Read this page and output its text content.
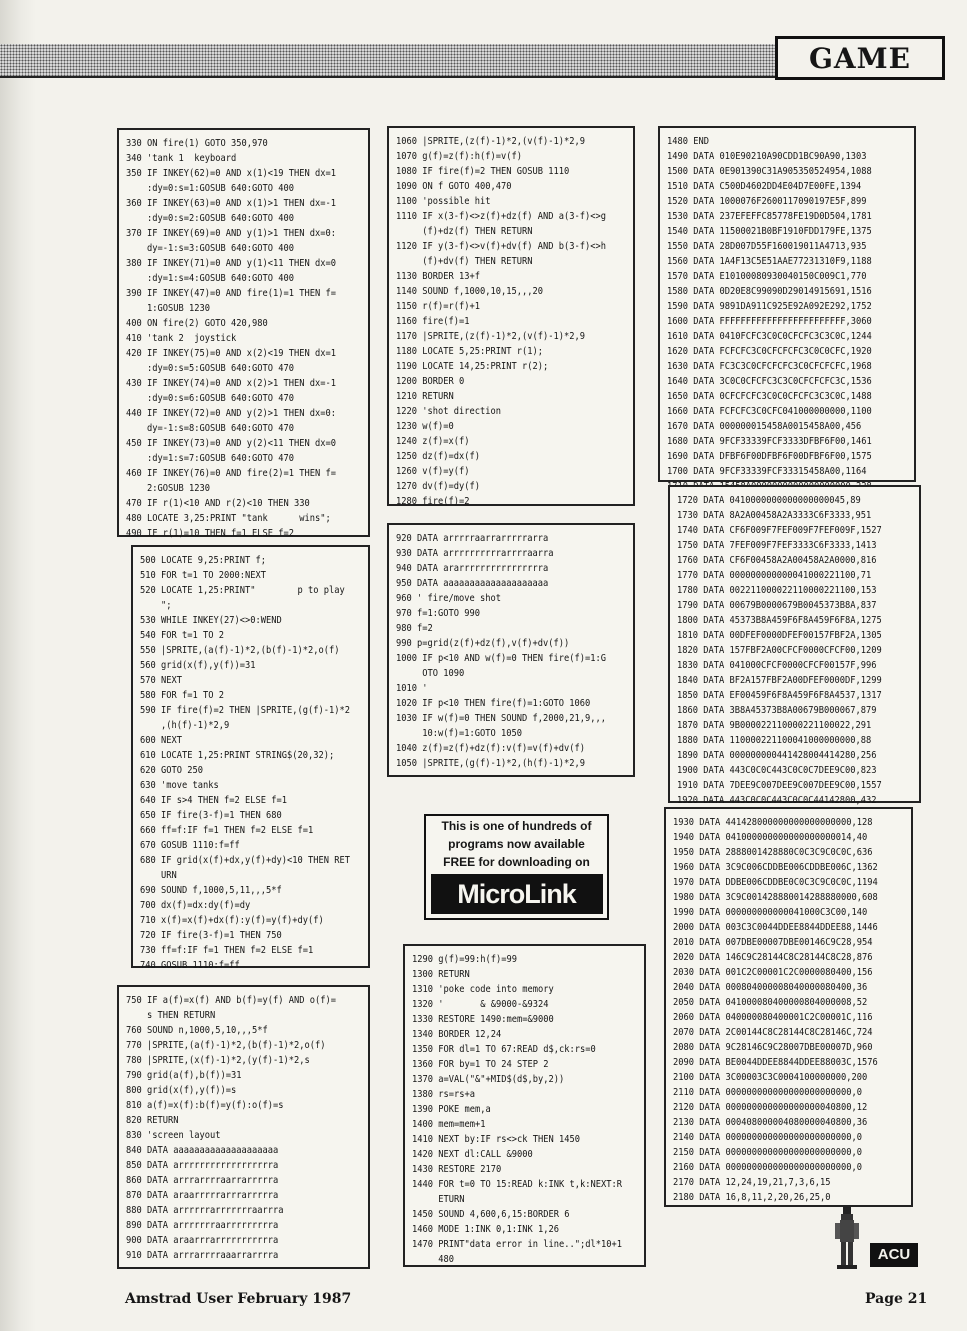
GAME
330 ON fire(1) GOTO 350,970
340 'tank 1  keyboard
350 IF INKEY(62)=0 AND x(1)<19 THEN dx=1
:dy=0:s=1:GOSUB 640:GOTO 400
360 IF INKEY(63)=0 AND x(1)>1 THEN dx=-1
:dy=0:s=2:GOSUB 640:GOTO 400
370 IF INKEY(69)=0 AND y(1)>1 THEN dx=0:
dy=-1:s=3:GOSUB 640:GOTO 400
380 IF INKEY(71)=0 AND y(1)<11 THEN dx=0
:dy=1:s=4:GOSUB 640:GOTO 400
390 IF INKEY(47)=0 AND fire(1)=1 THEN f=
1:GOSUB 1230
400 ON fire(2) GOTO 420,980
410 'tank 2  joystick
420 IF INKEY(75)=0 AND x(2)<19 THEN dx=1
:dy=0:s=5:GOSUB 640:GOTO 470
430 IF INKEY(74)=0 AND x(2)>1 THEN dx=-1
:dy=0:s=6:GOSUB 640:GOTO 470
440 IF INKEY(72)=0 AND y(2)>1 THEN dx=0:
dy=-1:s=8:GOSUB 640:GOTO 470
450 IF INKEY(73)=0 AND y(2)<11 THEN dx=0
:dy=1:s=7:GOSUB 640:GOTO 470
460 IF INKEY(76)=0 AND fire(2)=1 THEN f=
2:GOSUB 1230
470 IF r(1)<10 AND r(2)<10 THEN 330
480 LOCATE 3,25:PRINT "tank      wins";
490 IF r(1)=10 THEN f=1 ELSE f=2
500 LOCATE 9,25:PRINT f;
510 FOR t=1 TO 2000:NEXT
520 LOCATE 1,25:PRINT"        p to play
";
530 WHILE INKEY(27)<>0:WEND
540 FOR t=1 TO 2
550 |SPRITE,(a(f)-1)*2,(b(f)-1)*2,o(f)
560 grid(x(f),y(f))=31
570 NEXT
580 FOR f=1 TO 2
590 IF fire(f)=2 THEN |SPRITE,(g(f)-1)*2
,(h(f)-1)*2,9
600 NEXT
610 LOCATE 1,25:PRINT STRING$(20,32);
620 GOTO 250
630 'move tanks
640 IF s>4 THEN f=2 ELSE f=1
650 IF fire(3-f)=1 THEN 680
660 ff=f:IF f=1 THEN f=2 ELSE f=1
670 GOSUB 1110:f=ff
680 IF grid(x(f)+dx,y(f)+dy)<10 THEN RET
URN
690 SOUND f,1000,5,11,,,5*f
700 dx(f)=dx:dy(f)=dy
710 x(f)=x(f)+dx(f):y(f)=y(f)+dy(f)
720 IF fire(3-f)=1 THEN 750
730 ff=f:IF f=1 THEN f=2 ELSE f=1
740 GOSUB 1110:f=ff
750 IF a(f)=x(f) AND b(f)=y(f) AND o(f)=
s THEN RETURN
760 SOUND n,1000,5,10,,,5*f
770 |SPRITE,(a(f)-1)*2,(b(f)-1)*2,o(f)
780 |SPRITE,(x(f)-1)*2,(y(f)-1)*2,s
790 grid(a(f),b(f))=31
800 grid(x(f),y(f))=s
810 a(f)=x(f):b(f)=y(f):o(f)=s
820 RETURN
830 'screen layout
840 DATA aaaaaaaaaaaaaaaaaaaa
850 DATA arrrrrrrrrrrrrrrrrra
860 DATA arrrarrrraarrarrrrra
870 DATA araarrrrrarrrarrrrra
880 DATA arrrrrrarrrrrrraarrra
890 DATA arrrrrrraarrrrrrrrra
900 DATA araarrrarrrrrrrrrrra
910 DATA arrrarrrraaarrarrrra
1060 |SPRITE,(z(f)-1)*2,(v(f)-1)*2,9
1070 g(f)=z(f):h(f)=v(f)
1080 IF fire(f)=2 THEN GOSUB 1110
1090 ON f GOTO 400,470
1100 'possible hit
1110 IF x(3-f)<>z(f)+dz(f) AND a(3-f)<>g
(f)+dz(f) THEN RETURN
1120 IF y(3-f)<>v(f)+dv(f) AND b(3-f)<>h
(f)+dv(f) THEN RETURN
1130 BORDER 13+f
1140 SOUND f,1000,10,15,,,20
1150 r(f)=r(f)+1
1160 fire(f)=1
1170 |SPRITE,(z(f)-1)*2,(v(f)-1)*2,9
1180 LOCATE 5,25:PRINT r(1);
1190 LOCATE 14,25:PRINT r(2);
1200 BORDER 0
1210 RETURN
1220 'shot direction
1230 w(f)=0
1240 z(f)=x(f)
1250 dz(f)=dx(f)
1260 v(f)=y(f)
1270 dv(f)=dy(f)
1280 fire(f)=2
920 DATA arrrrraarrarrrrrarra
930 DATA arrrrrrrrrrarrrraarra
940 DATA ararrrrrrrrrrrrrrrra
950 DATA aaaaaaaaaaaaaaaaaaaa
960 ' fire/move shot
970 f=1:GOTO 990
980 f=2
990 p=grid(z(f)+dz(f),v(f)+dv(f))
1000 IF p<10 AND w(f)=0 THEN fire(f)=1:G
OTO 1090
1010 '
1020 IF p<10 THEN fire(f)=1:GOTO 1060
1030 IF w(f)=0 THEN SOUND f,2000,21,9,,,
10:w(f)=1:GOTO 1050
1040 z(f)=z(f)+dz(f):v(f)=v(f)+dv(f)
1050 |SPRITE,(g(f)-1)*2,(h(f)-1)*2,9
This is one of hundreds of
programs now available
FREE for downloading on
MicroLink
1290 g(f)=99:h(f)=99
1300 RETURN
1310 'poke code into memory
1320 '       & &9000-&9324
1330 RESTORE 1490:mem=&9000
1340 BORDER 12,24
1350 FOR dl=1 TO 67:READ d$,ck:rs=0
1360 FOR by=1 TO 24 STEP 2
1370 a=VAL("&"+MID$(d$,by,2))
1380 rs=rs+a
1390 POKE mem,a
1400 mem=mem+1
1410 NEXT by:IF rs<>ck THEN 1450
1420 NEXT dl:CALL &9000
1430 RESTORE 2170
1440 FOR t=0 TO 15:READ k:INK t,k:NEXT:R
ETURN
1450 SOUND 4,600,6,15:BORDER 6
1460 MODE 1:INK 0,1:INK 1,26
1470 PRINT"data error in line..";dl*10+1
480
1480 END
1490 DATA 010E90210A90CDD1BC90A90,1303
1500 DATA 0E901390C31A905350524954,1088
1510 DATA C500D4602DD4E04D7E00FE,1394
1520 DATA 1000076F2600117090197E5F,899
1530 DATA 237EFEFFC85778FE19D0D504,1781
1540 DATA 11500021B0BF1910FDD179FE,1375
1550 DATA 28D007D55F160019011A4713,935
1560 DATA 1A4F13C5E51AAE77231310F9,1188
1570 DATA E10100080930040150C009C1,770
1580 DATA 0D20E8C99090D29014915691,1516
1590 DATA 9891DA911C925E92A092E292,1752
1600 DATA FFFFFFFFFFFFFFFFFFFFFFFF,3060
1610 DATA 0410FCFC3C0C0CFCFC3C3C0C,1244
1620 DATA FCFCFC3C0CFCFCFC3C0C0CFC,1920
1630 DATA FC3C3C0CFCFCFC3C0CFCFCFC,1968
1640 DATA 3C0C0CFCFC3C3C0CFCFCFC3C,1536
1650 DATA 0CFCFCFC3C0C0CFCFC3C3C0C,1488
1660 DATA FCFCFC3C0CFC041000000000,1100
1670 DATA 000000015458A0015458A00,456
1680 DATA 9FCF33339FCF3333DFBF6F00,1461
1690 DATA DFBF6F00DFBF6F00DFBF6F00,1575
1700 DATA 9FCF33339FCF33315458A00,1164
1720 DATA 0410000000000000000045,89
1730 DATA 8A2A00458A2A3333C6F3333,951
1740 DATA CF6F009F7FEF009F7FEF009F,1527
1750 DATA 7FEF009F7FEF3333C6F3333,1413
1760 DATA CF6F00458A2A00458A2A0000,816
1770 DATA 000000000000041000221100,71
1780 DATA 002211000022110000221100,153
1790 DATA 00679B0000679B0045373B8A,837
1800 DATA 45373B8A459F6F8A459F6F8A,1275
1810 DATA 00DFEF0000DFEF00157FBF2A,1305
1820 DATA 157FBF2A00CFCF0000CFCF00,1209
1830 DATA 041000CFCF0000CFCF00157F,996
1840 DATA BF2A157FBF2A00DFEF0000DF,1299
1850 DATA EF00459F6F8A459F6F8A4537,1317
1860 DATA 3B8A45373B8A00679B000067,879
1870 DATA 9B000022110000221100022,291
1880 DATA 110000221100041000000000,88
1890 DATA 000000000441428004414280,256
1900 DATA 443C0C0C443C0C0C7DEE9C00,823
1910 DATA 7DEE9C007DEE9C007DEE9C00,1557
1920 DATA 443C0C0C443C0C0C44142800,432
1930 DATA 441428000000000000000000,128
1940 DATA 041000000000000000000014,40
1950 DATA 2888001428880C0C3C9C0C0C,636
1960 DATA 3C9C006CDDBE006CDDBE006C,1362
1970 DATA DDBE006CDDBE0C0C3C9C0C0C,1194
1980 DATA 3C9C001428880014288880000,608
1990 DATA 000000000000041000C3C00,140
2000 DATA 003C3C0044DDEE8844DDEE88,1446
2010 DATA 007DBE00007DBE00146C9C28,954
2020 DATA 146C9C28144C8C28144C8C28,876
2030 DATA 001C2C00001C2C0000080400,156
2040 DATA 000804000008040000080400,36
2050 DATA 041000080400000804000008,52
2060 DATA 040000080400001C2C00001C,116
2070 DATA 2C00144C8C28144C8C28146C,724
2080 DATA 9C28146C9C28007DBE00007D,960
2090 DATA BE0044DDEE8844DDEE88003C,1576
2100 DATA 3C00003C3C0004100000000,200
2110 DATA 000000000000000000000000,0
2120 DATA 000000000000000000040800,12
2130 DATA 000408000004080000040800,36
2140 DATA 000000000000000000000000,0
2150 DATA 000000000000000000000000,0
2160 DATA 000000000000000000000000,0
2170 DATA 12,24,19,21,7,3,6,15
2180 DATA 16,8,11,2,20,26,25,0
ACU
Amstrad User February 1987	Page 21
